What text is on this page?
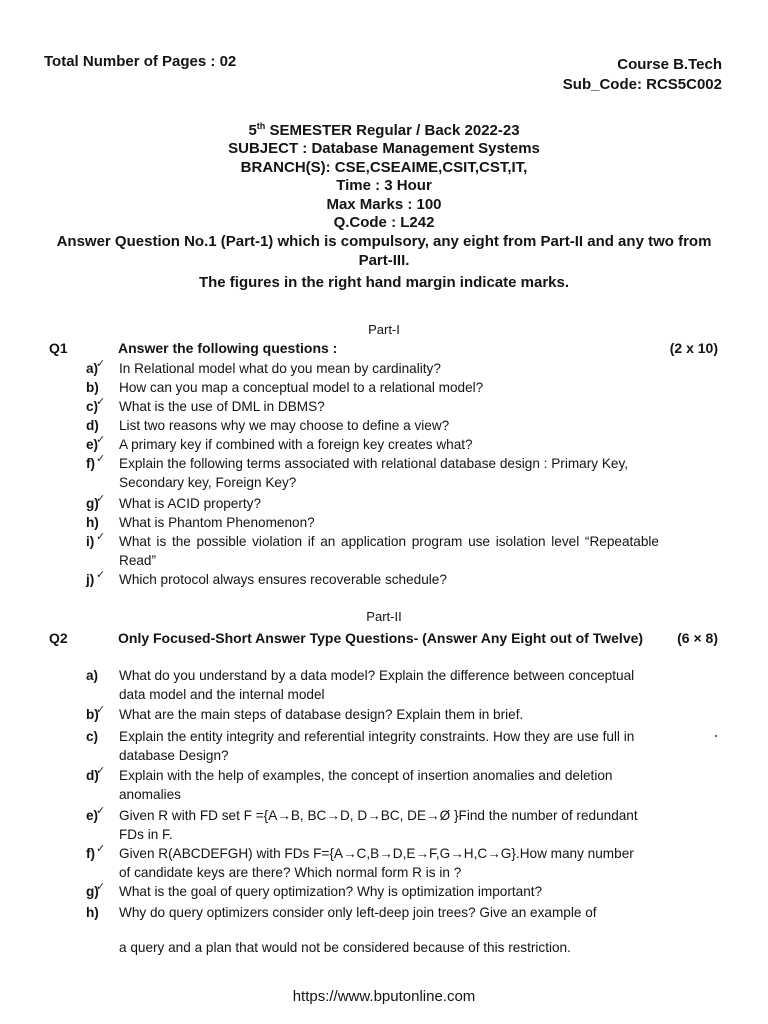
Total Number of Pages : 02	Course B.Tech
Sub_Code: RCS5C002
5th SEMESTER Regular / Back 2022-23
SUBJECT : Database Management Systems
BRANCH(S): CSE,CSEAIME,CSIT,CST,IT,
Time : 3 Hour
Max Marks : 100
Q.Code : L242
Answer Question No.1 (Part-1) which is compulsory, any eight from Part-II and any two from Part-III.
The figures in the right hand margin indicate marks.
Part-I
Q1	Answer the following questions :	(2 x 10)
a) ✓	In Relational model what do you mean by cardinality?
b)	How can you map a conceptual model to a relational model?
c) ✓	What is the use of DML in DBMS?
d)	List two reasons why we may choose to define a view?
e) ✓	A primary key if combined with a foreign key creates what?
f) ✓	Explain the following terms associated with relational database design : Primary Key, Secondary key, Foreign Key?
g) ✓	What is ACID property?
h)	What is Phantom Phenomenon?
i) ✓	What is the possible violation if an application program use isolation level “Repeatable Read”
j) ✓	Which protocol always ensures recoverable schedule?
Part-II
Q2	Only Focused-Short Answer Type Questions- (Answer Any Eight out of Twelve)	(6 × 8)
a)	What do you understand by a data model? Explain the difference between conceptual data model and the internal model
b) ✓	What are the main steps of database design? Explain them in brief.
c)	Explain the entity integrity and referential integrity constraints. How they are use full in database Design?
d) ✓	Explain with the help of examples, the concept of insertion anomalies and deletion anomalies
e) ✓	Given R with FD set F ={A→B, BC→D, D→BC, DE→Ø }Find the number of redundant FDs in F.
f) ✓	Given R(ABCDEFGH) with FDs F={A→C,B→D,E→F,G→H,C→G}.How many number of candidate keys are there? Which normal form R is in ?
g) ✓	What is the goal of query optimization? Why is optimization important?
h)	Why do query optimizers consider only left-deep join trees? Give an example of
a query and a plan that would not be considered because of this restriction.
https://www.bputonline.com
